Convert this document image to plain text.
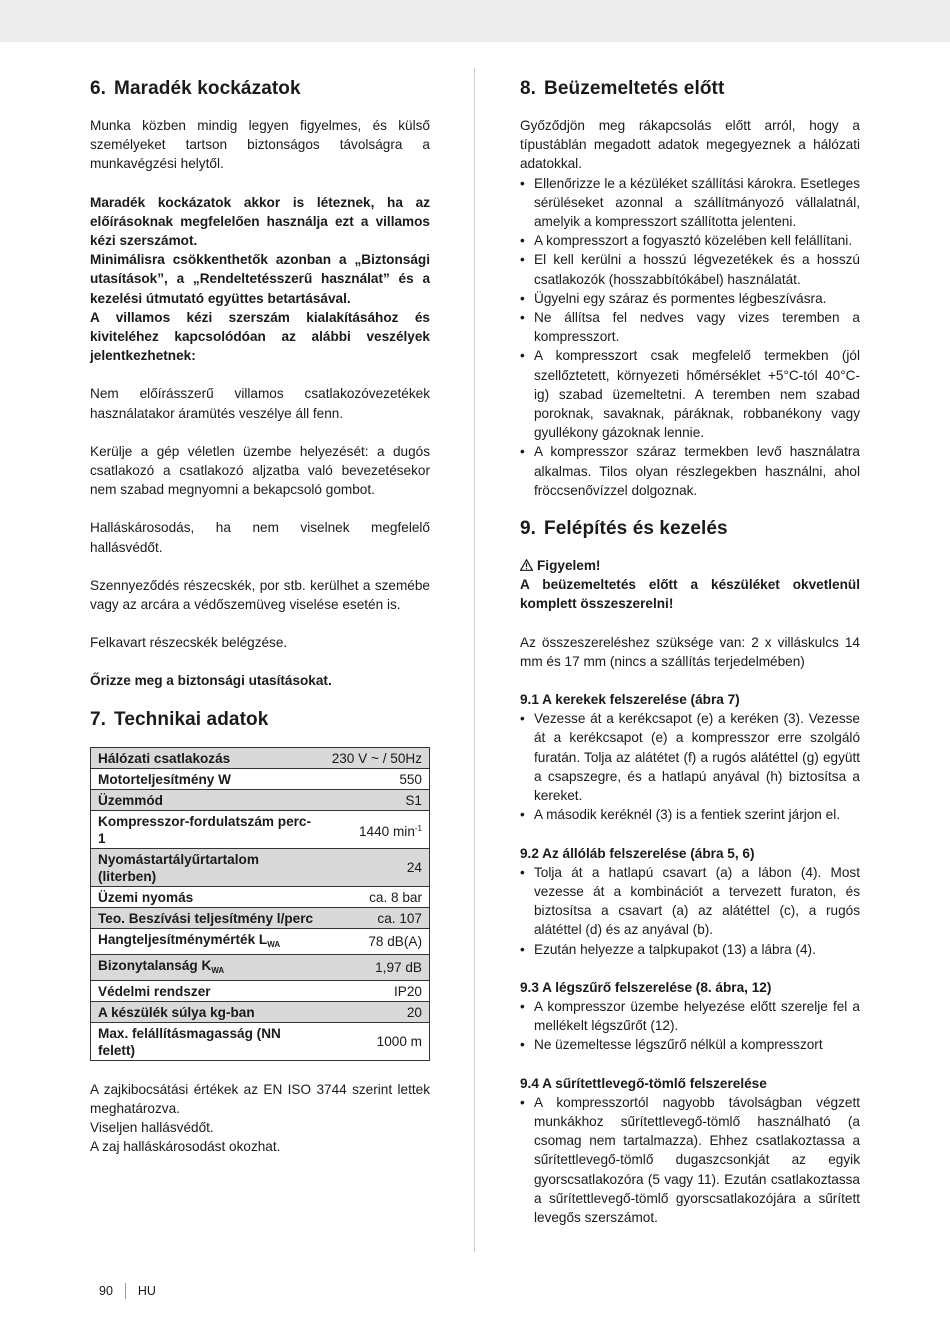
6. Maradék kockázatok

Munka közben mindig legyen figyelmes, és külső személyeket tartson biztonságos távolságra a munkavégzési helytől.

Maradék kockázatok akkor is léteznek, ha az előírásoknak megfelelően használja ezt a villamos kézi szerszámot.

Minimálisra csökkenthetők azonban a „Biztonsági utasítások”, a „Rendeltetésszerű használat” és a kezelési útmutató együttes betartásával.

A villamos kézi szerszám kialakításához és kiviteléhez kapcsolódóan az alábbi veszélyek jelentkezhetnek:

Nem előírásszerű villamos csatlakozóvezetékek használatakor áramütés veszélye áll fenn.

Kerülje a gép véletlen üzembe helyezését: a dugós csatlakozó a csatlakozó aljzatba való bevezetésekor nem szabad megnyomni a bekapcsoló gombot.

Halláskárosodás, ha nem viselnek megfelelő hallásvédőt.

Szennyeződés részecskék, por stb. kerülhet a szemébe vagy az arcára a védőszemüveg viselése esetén is.

Felkavart részecskék belégzése.

Őrizze meg a biztonsági utasításokat.

7. Technikai adatok
Hálózati csatlakozás	230 V ~ / 50Hz
Motorteljesítmény W	550
Üzemmód	S1
Kompresszor-fordulatszám perc-1	1440 $\min^{-1}$
Nyomástartályűrtartalom (literben)	24
Üzemi nyomás	ca. 8 bar
Teo. Beszívási teljesítmény l/perc	ca. 107
Hangteljesítménymérték $L_{WA}$	78 dB(A)
Bizonytalanság $K_{WA}$	1,97 dB
Védelmi rendszer	IP20
A készülék súlya kg-ban	20
Max. felállításmagasság (NN felett)	1000 m

A zajkibocsátási értékek az EN ISO 3744 szerint lettek meghatározva.

Viseljen hallásvédőt.

A zaj halláskárosodást okozhat.

8. Beüzemeltetés előtt

Győződjön meg rákapcsolás előtt arról, hogy a típustáblán megadott adatok megegyeznek a hálózati adatokkal.

• Ellenőrizze le a kézüléket szállítási károkra. Esetleges sérüléseket azonnal a szállítmányozó vállalatnál, amelyik a kompresszort szállította jelenteni.
• A kompresszort a fogyasztó közelében kell felállítani.
• El kell kerülni a hosszú légvezetékek és a hosszú csatlakozók (hosszabbítókábel) használatát.
• Ügyelni egy száraz és pormentes légbeszívásra.
• Ne állítsa fel nedves vagy vizes teremben a kompresszort.
• A kompresszort csak megfelelő termekben (jól szellőztetett, környezeti hőmérséklet +5°C-tól 40°C-ig) szabad üzemeltetni. A teremben nem szabad poroknak, savaknak, páráknak, robbanékony vagy gyullékony gázoknak lennie.
• A kompresszor száraz termekben levő használatra alkalmas. Tilos olyan részlegekben használni, ahol fröccsenővízzel dolgoznak.
9. Felépítés és kezelés

Figyelem!

A beüzemeltetés előtt a készüléket okvetlenül komplett összeszerelni!

Az összeszereléshez szüksége van: 2 x villáskulcs 14 mm és 17 mm (nincs a szállítás terjedelmében)

9.1 A kerekek felszerelése (ábra 7)
• Vezesse át a kerékcsapot (e) a keréken (3). Vezesse át a kerékcsapot (e) a kompresszor erre szolgáló furatán. Tolja az alátétet (f) a rugós alátéttel (g) együtt a csapszegre, és a hatlapú anyával (h) biztosítsa a kereket.
• A második keréknél (3) is a fentiek szerint járjon el.
9.2 Az állóláb felszerelése (ábra 5, 6)
• Tolja át a hatlapú csavart (a) a lábon (4). Most vezesse át a kombinációt a tervezett furaton, és biztosítsa a csavart (a) az alátéttel (c), a rugós alátéttel (d) és az anyával (b).
• Ezután helyezze a talpkupakot (13) a lábra (4).
9.3 A légszűrő felszerelése (8. ábra, 12)
• A kompresszor üzembe helyezése előtt szerelje fel a mellékelt légszűrőt (12).
• Ne üzemeltesse légszűrő nélkül a kompresszort
9.4 A sűrítettlevegő-tömlő felszerelése
• A kompresszortól nagyobb távolságban végzett munkákhoz sűrítettlevegő-tömlő használható (a csomag nem tartalmazza). Ehhez csatlakoztassa a sűrítettlevegő-tömlő dugaszcsonkját az egyik gyorscsatlakozóra (5 vagy 11). Ezután csatlakoztassa a sűrítettlevegő-tömlő gyorscsatlakozójára a sűrített levegős szerszámot.
90 HU
